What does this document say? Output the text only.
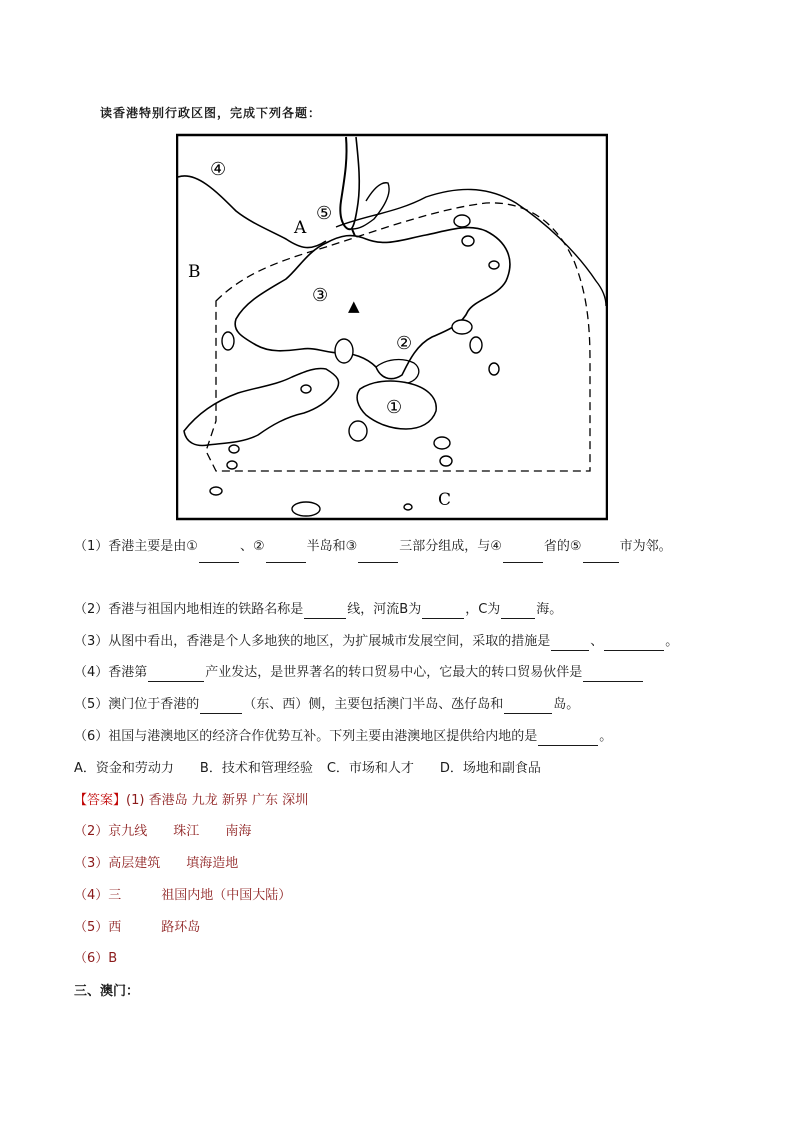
读香港特别行政区图，完成下列各题：
④
⑤
A
B
③ ▲
②
①
C
（1）香港主要是由①	、②	半岛和③	三部分组成，与④	省的⑤	市为邻。
（2）香港与祖国内地相连的铁路名称是	线，河流B为	，C为	海。
（3）从图中看出，香港是个人多地狭的地区，为扩展城市发展空间，采取的措施是	、	。
（4）香港第	产业发达，是世界著名的转口贸易中心，它最大的转口贸易伙伴是
（5）澳门位于香港的	（东、西）侧，主要包括澳门半岛、氹仔岛和	岛。
（6）祖国与港澳地区的经济合作优势互补。下列主要由港澳地区提供给内地的是	。
A．资金和劳动力 B．技术和管理经验 C．市场和人才 D．场地和副食品
【答案】(1) 香港岛 九龙 新界 广东 深圳
（2）京九线 珠江 南海
（3）高层建筑 填海造地
（4）三	祖国内地（中国大陆）
（5）西	路环岛
（6）B
三、澳门：
